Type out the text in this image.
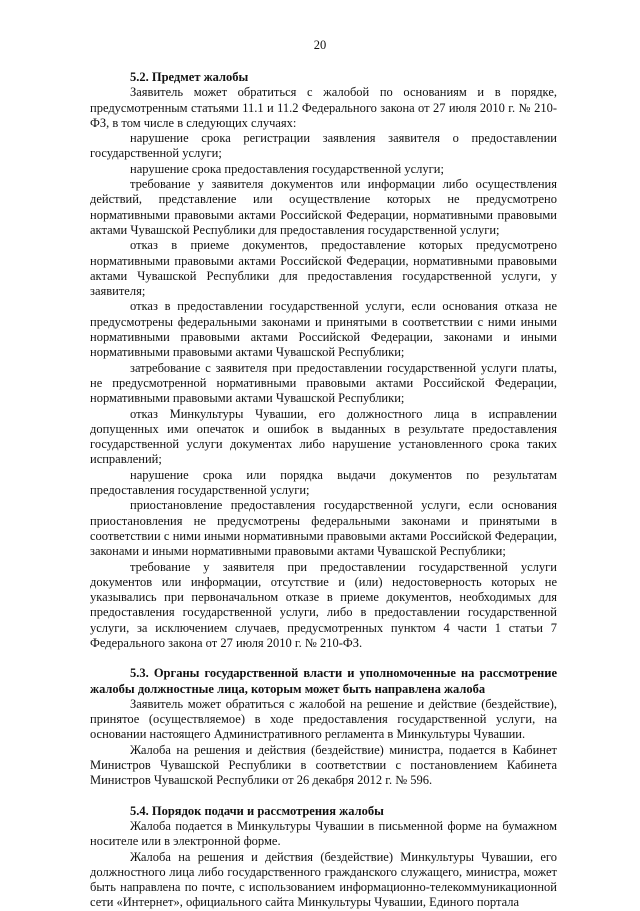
20
5.2. Предмет жалобы

Заявитель может обратиться с жалобой по основаниям и в порядке, предусмотренным статьями 11.1 и 11.2 Федерального закона от 27 июля 2010 г. № 210-ФЗ, в том числе в следующих случаях:

нарушение срока регистрации заявления заявителя о предоставлении государственной услуги;

нарушение срока предоставления государственной услуги;

требование у заявителя документов или информации либо осуществления действий, представление или осуществление которых не предусмотрено нормативными правовыми актами Российской Федерации, нормативными правовыми актами Чувашской Республики для предоставления государственной услуги;

отказ в приеме документов, предоставление которых предусмотрено нормативными правовыми актами Российской Федерации, нормативными правовыми актами Чувашской Республики для предоставления государственной услуги, у заявителя;

отказ в предоставлении государственной услуги, если основания отказа не предусмотрены федеральными законами и принятыми в соответствии с ними иными нормативными правовыми актами Российской Федерации, законами и иными нормативными правовыми актами Чувашской Республики;

затребование с заявителя при предоставлении государственной услуги платы, не предусмотренной нормативными правовыми актами Российской Федерации, нормативными правовыми актами Чувашской Республики;

отказ Минкультуры Чувашии, его должностного лица в исправлении допущенных ими опечаток и ошибок в выданных в результате предоставления государственной услуги документах либо нарушение установленного срока таких исправлений;

нарушение срока или порядка выдачи документов по результатам предоставления государственной услуги;

приостановление предоставления государственной услуги, если основания приостановления не предусмотрены федеральными законами и принятыми в соответствии с ними иными нормативными правовыми актами Российской Федерации, законами и иными нормативными правовыми актами Чувашской Республики;

требование у заявителя при предоставлении государственной услуги документов или информации, отсутствие и (или) недостоверность которых не указывались при первоначальном отказе в приеме документов, необходимых для предоставления государственной услуги, либо в предоставлении государственной услуги, за исключением случаев, предусмотренных пунктом 4 части 1 статьи 7 Федерального закона от 27 июля 2010 г. № 210-ФЗ.

5.3. Органы государственной власти и уполномоченные на рассмотрение жалобы должностные лица, которым может быть направлена жалоба

Заявитель может обратиться с жалобой на решение и действие (бездействие), принятое (осуществляемое) в ходе предоставления государственной услуги, на основании настоящего Административного регламента в Минкультуры Чувашии.

Жалоба на решения и действия (бездействие) министра, подается в Кабинет Министров Чувашской Республики в соответствии с постановлением Кабинета Министров Чувашской Республики от 26 декабря 2012 г. № 596.

5.4. Порядок подачи и рассмотрения жалобы

Жалоба подается в Минкультуры Чувашии в письменной форме на бумажном носителе или в электронной форме.

Жалоба на решения и действия (бездействие) Минкультуры Чувашии, его должностного лица либо государственного гражданского служащего, министра, может быть направлена по почте, с использованием информационно-телекоммуникационной сети «Интернет», официального сайта Минкультуры Чувашии, Единого портала
